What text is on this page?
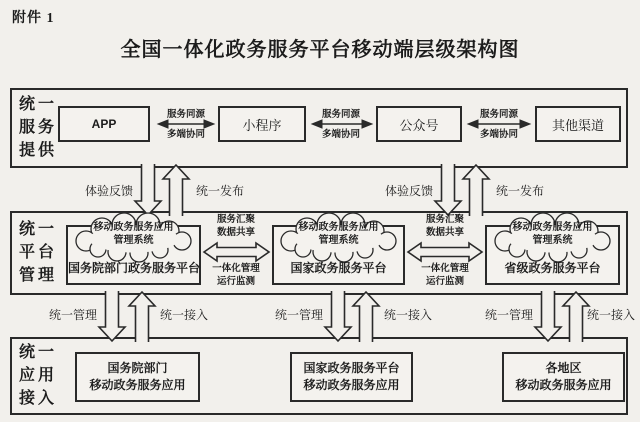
附件 1
全国一体化政务服务平台移动端层级架构图
统一
服务
提供
统一
平台
管理
统一
应用
接入
APP	小程序	公众号	其他渠道
服务同源
多端协同
服务同源
多端协同
服务同源
多端协同
体验反馈	统一发布	体验反馈	统一发布
移动政务服务应用
管理系统
国务院部门政务服务平台
移动政务服务应用
管理系统
国家政务服务平台
移动政务服务应用
管理系统
省级政务服务平台
服务汇聚
数据共享
一体化管理
运行监测
服务汇聚
数据共享
一体化管理
运行监测
统一管理	统一接入	统一管理	统一接入	统一管理	统一接入
国务院部门
移动政务服务应用
国家政务服务平台
移动政务服务应用
各地区
移动政务服务应用
